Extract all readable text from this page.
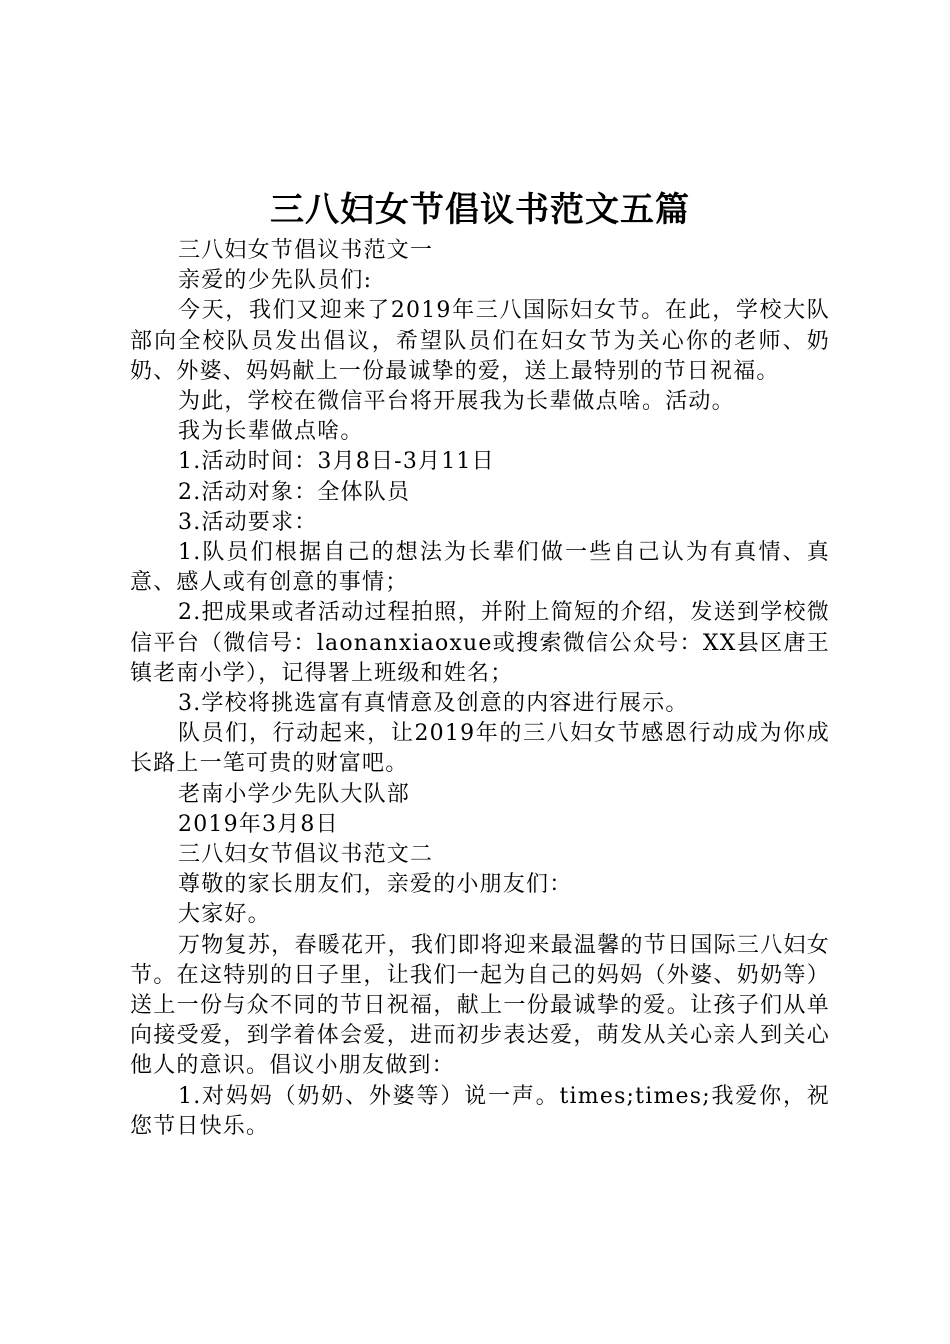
三八妇女节倡议书范文五篇

三八妇女节倡议书范文一

亲爱的少先队员们:

今天，我们又迎来了2019年三八国际妇女节。在此，学校大队部向全校队员发出倡议，希望队员们在妇女节为关心你的老师、奶奶、外婆、妈妈献上一份最诚挚的爱，送上最特别的节日祝福。

为此，学校在微信平台将开展我为长辈做点啥。活动。

我为长辈做点啥。

1.活动时间：3月8日-3月11日

2.活动对象：全体队员

3.活动要求：

1.队员们根据自己的想法为长辈们做一些自己认为有真情、真意、感人或有创意的事情；

2.把成果或者活动过程拍照，并附上简短的介绍，发送到学校微信平台（微信号：laonanxiaoxue或搜索微信公众号：XX县区唐王镇老南小学），记得署上班级和姓名；

3.学校将挑选富有真情意及创意的内容进行展示。

队员们，行动起来，让2019年的三八妇女节感恩行动成为你成长路上一笔可贵的财富吧。

老南小学少先队大队部

2019年3月8日

三八妇女节倡议书范文二

尊敬的家长朋友们，亲爱的小朋友们：

大家好。

万物复苏，春暖花开，我们即将迎来最温馨的节日国际三八妇女节。在这特别的日子里，让我们一起为自己的妈妈（外婆、奶奶等）送上一份与众不同的节日祝福，献上一份最诚挚的爱。让孩子们从单向接受爱，到学着体会爱，进而初步表达爱，萌发从关心亲人到关心他人的意识。倡议小朋友做到：

1.对妈妈（奶奶、外婆等）说一声。times;times;我爱你，祝您节日快乐。
